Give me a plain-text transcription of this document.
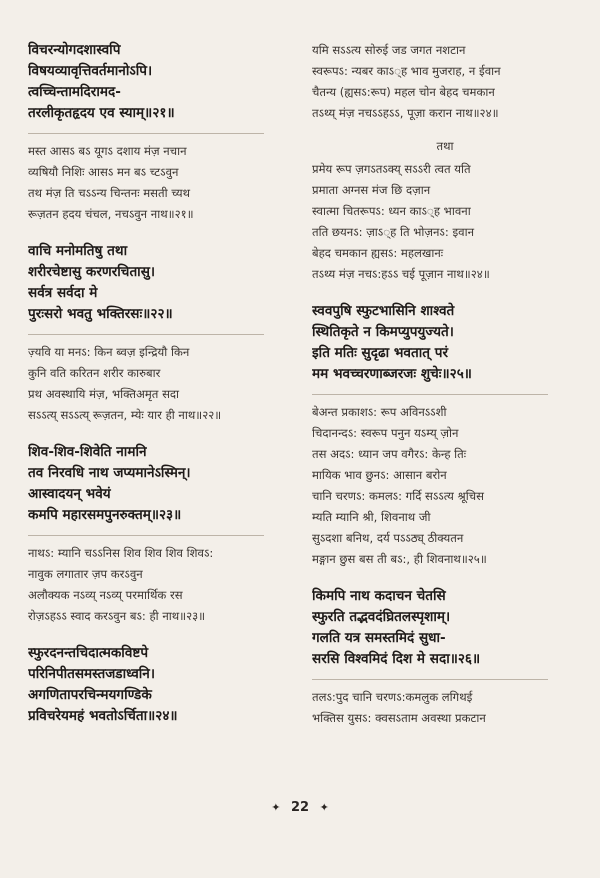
विचरन्योगदशास्वपि
विषयव्यावृत्तिवर्तमानोऽपि।
त्वच्चिन्तामदिरामद-
तरलीकृतहृदय एव स्याम्॥२१॥
मस्त आसऽ बऽ यूगऽ दशाय मंज़ नचान
व्यषियौ निशिः आसऽ मन बऽ च्टऽवुन
तथ मंज़ ति चऽऽन्य चिन्तनः मसती च्यथ
रूज़तन हदय चंचल, नचऽवुन नाथ॥२१॥
वाचि मनोमतिषु तथा
शरीरचेष्टासु करणरचितासु।
सर्वत्र सर्वदा मे
पुरःसरो भवतु भक्तिरसः॥२२॥
ज़्यवि या मनऽ: किन ब्वज़ इन्द्रियौ किन
कुनि वति करितन शरीर कारुबार
प्रथ अवस्थायि मंज़, भक्तिअमृत सदा
सऽऽत्य् सऽऽत्य् रूज़तन, म्येः यार ही नाथ॥२२॥
शिव-शिव-शिवेति नामनि
तव निरवधि नाथ जप्यमानेऽस्मिन्।
आस्वादयन् भवेयं
कमपि महारसमपुनरुक्तम्॥२३॥
नाथऽ: म्यानि चऽऽनिस शिव शिव शिव शिवऽ:
नावुक लगातार ज़प करऽवुन
अलौक्यक नऽव्य् नऽव्य् परमार्थिक रस
रोज़ऽहऽऽ स्वाद करऽवुन बऽ: ही नाथ॥२३॥
स्फुरदनन्तचिदात्मकविष्टपे
परिनिपीतसमस्तजडाध्वनि।
अगणितापरचिन्मयगण्डिके
प्रविचरेयमहं भवतोऽर्चिता॥२४॥
यमि सऽऽत्य सोरुई जड जगत नशटान
स्वरूपऽ: न्यबर काऽ्ह भाव मुजराह, न ईवान
चैतन्य (ह्यसऽ:रूप) महल चोन बेहद चमकान
तऽथ्य् मंज़ नचऽऽहऽऽ, पूज़ा करान नाथ॥२४॥
तथा
प्रमेय रूप ज़गऽतऽक्य् सऽऽरी त्वत यति
प्रमाता अग्नस मंज छि दज़ान
स्वात्मा चितरूपऽ: ध्यन काऽ्ह भावना
तति छयनऽ: ज़ाऽ्ह ति भोज़नऽ: इवान
बेहद चमकान ह्यसऽ: महलखानः
तऽथ्य मंज़ नचऽ:हऽऽ चई पूज़ान नाथ॥२४॥
स्ववपुषि स्फुटभासिनि शाश्वते
स्थितिकृते न किमप्युपयुज्यते।
इति मतिः सुदृढा भवतात् परं
मम भवच्चरणाब्जरजः शुचेः॥२५॥
बेअन्त प्रकाशऽ: रूप अविनऽऽशी
चिदानन्दऽ: स्वरूप पनुन यऽम्य् ज़ोन
तस अदऽ: ध्यान जप वगैरऽ: केन्ह तिः
मायिक भाव छुनऽ: आसान बरोन
चानि चरणऽ: कमलऽ: गर्दि सऽऽत्य श्रूचिस
म्यति म्यानि श्री, शिवनाथ जी
सुऽदशा बनिथ, दर्य पऽऽठ्य् ठीक्यतन
मङ्गान छुस बस ती बऽ:, ही शिवनाथ॥२५॥
किमपि नाथ कदाचन चेतसि
स्फुरति तद्भवदंघ्रितलस्पृशाम्।
गलति यत्र समस्तमिदं सुधा-
सरसि विश्वमिदं दिश मे सदा॥२६॥
तलऽ:पुद चानि चरणऽ:कमलुक लगिथई
भक्तिस युसऽ: क्वसऽताम अवस्था प्रकटान
✦ 22 ✦
